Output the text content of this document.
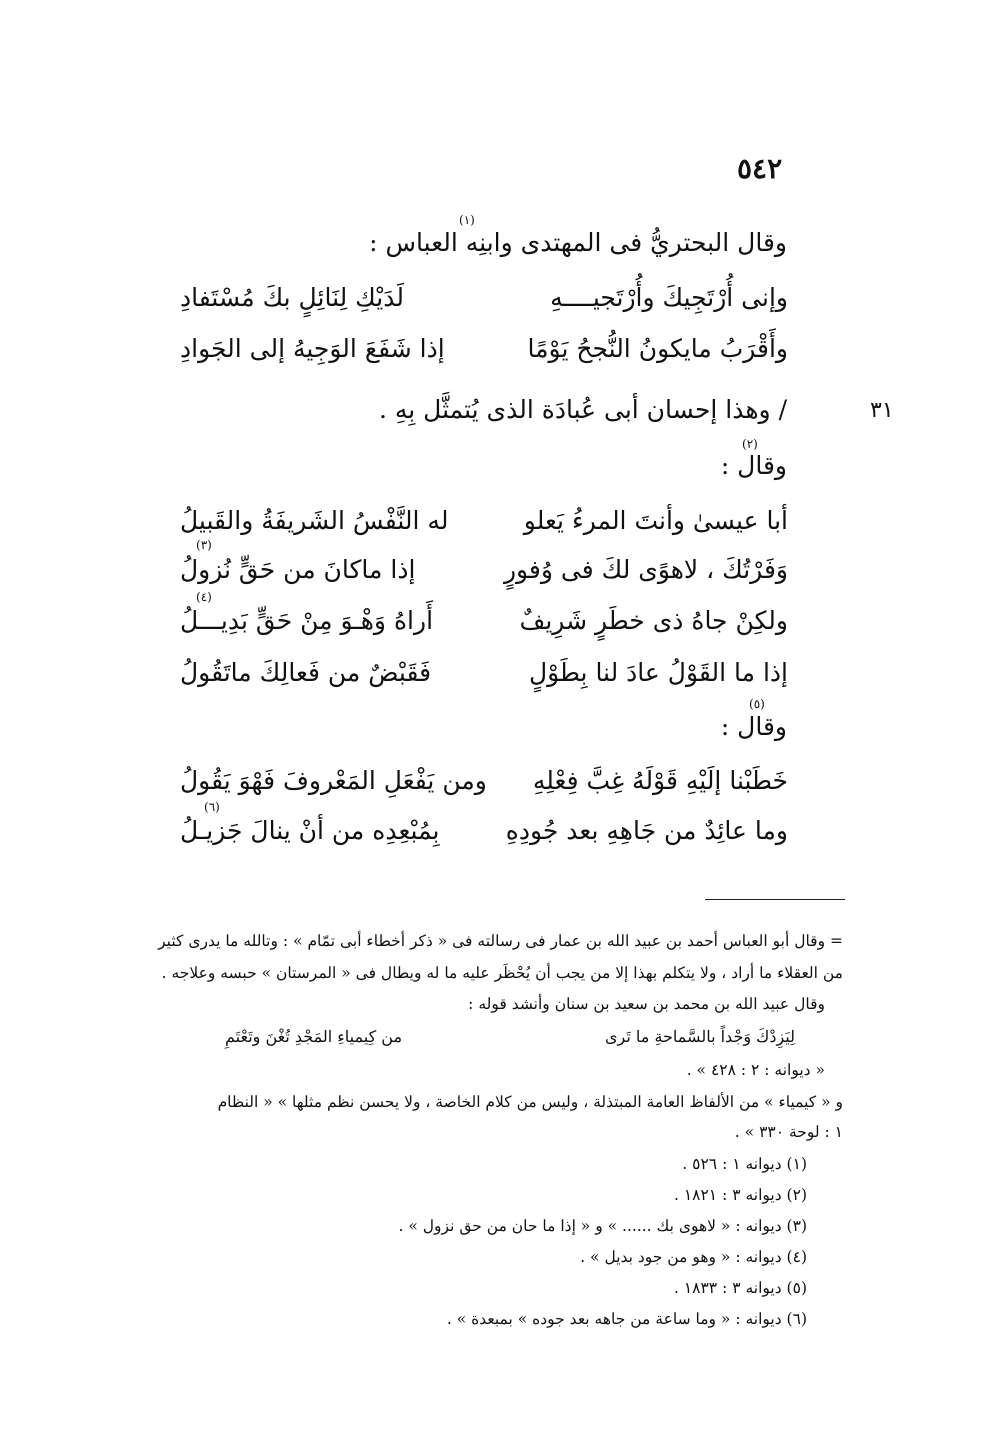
٥٤٢
٣١
(١)
وقال البحتريُّ فى المهتدى وابنِه العباس :
وإنى أُرْتَجِيكَ وأُرْتَجيــــهِ
لَدَيْكِ لِنَائِلٍ بكَ مُسْتَفادِ
وأَقْرَبُ مايكونُ النُّجحُ يَوْمًا
إذا شَفَعَ الوَجِيهُ إلى الجَوادِ
/ وهذا إحسان أبى عُبادَة الذى يُتمثَّل بِهِ .
(٢)
وقال :
أبا عيسىٰ وأنتَ المرءُ يَعلو
له النَّفْسُ الشَريفَةُ والقَبيلُ
(٣)
وَفَرْتُكَ ، لاهوًى لكَ فى وُفورٍ
إذا ماكانَ من حَقٍّ نُزولُ
(٤)
ولكِنْ جاهُ ذى خطَرٍ شَرِيفٌ
أَراهُ وَهْـوَ مِنْ حَقٍّ بَدِيـــلُ
إذا ما القَوْلُ عادَ لنا بِطَوْلٍ
فَقَبْضٌ من فَعالِكَ ماتَقُولُ
(٥)
وقال :
خَطَبْنا إلَيْهِ قَوْلَهُ غِبَّ فِعْلِهِ
ومن يَفْعَلِ المَعْروفَ فَهْوَ يَقُولُ
(٦)
وما عائِدٌ من جَاهِهِ بعد جُودِهِ
بِمُبْعِدِه من أنْ ينالَ جَزيـلُ
= وقال أبو العباس أحمد بن عبيد الله بن عمار فى رسالته فى « ذكر أخطاء أبى تمّام » : وتالله ما يدرى كثير
من العقلاء ما أراد ، ولا يتكلم بهذا إلا من يجب أن يُحْظَر عليه ما له ويطال فى « المرستان » حبسه وعلاجه .
وقال عبيد الله بن محمد بن سعيد بن سنان وأنشد قوله :
لِيَزِدْكَ وَجْداً بالسَّماحةِ ما تَرى
من كِيمياءِ المَجْدِ تُغْنَ وتَعْتَمِ
« ديوانه : ٢ : ٤٢٨ » .
و « كيمياء » من الألفاظ العامة المبتذلة ، وليس من كلام الخاصة ، ولا يحسن نظم مثلها » « النظام
١ : لوحة ٣٣٠ » .
(١) ديوانه ١ : ٥٢٦ .
(٢) ديوانه ٣ : ١٨٢١ .
(٣) ديوانه : « لاهوى بك ...... » و « إذا ما حان من حق نزول » .
(٤) ديوانه : « وهو من جود بديل » .
(٥) ديوانه ٣ : ١٨٣٣ .
(٦) ديوانه : « وما ساعة من جاهه بعد جوده » بمبعدة » .
